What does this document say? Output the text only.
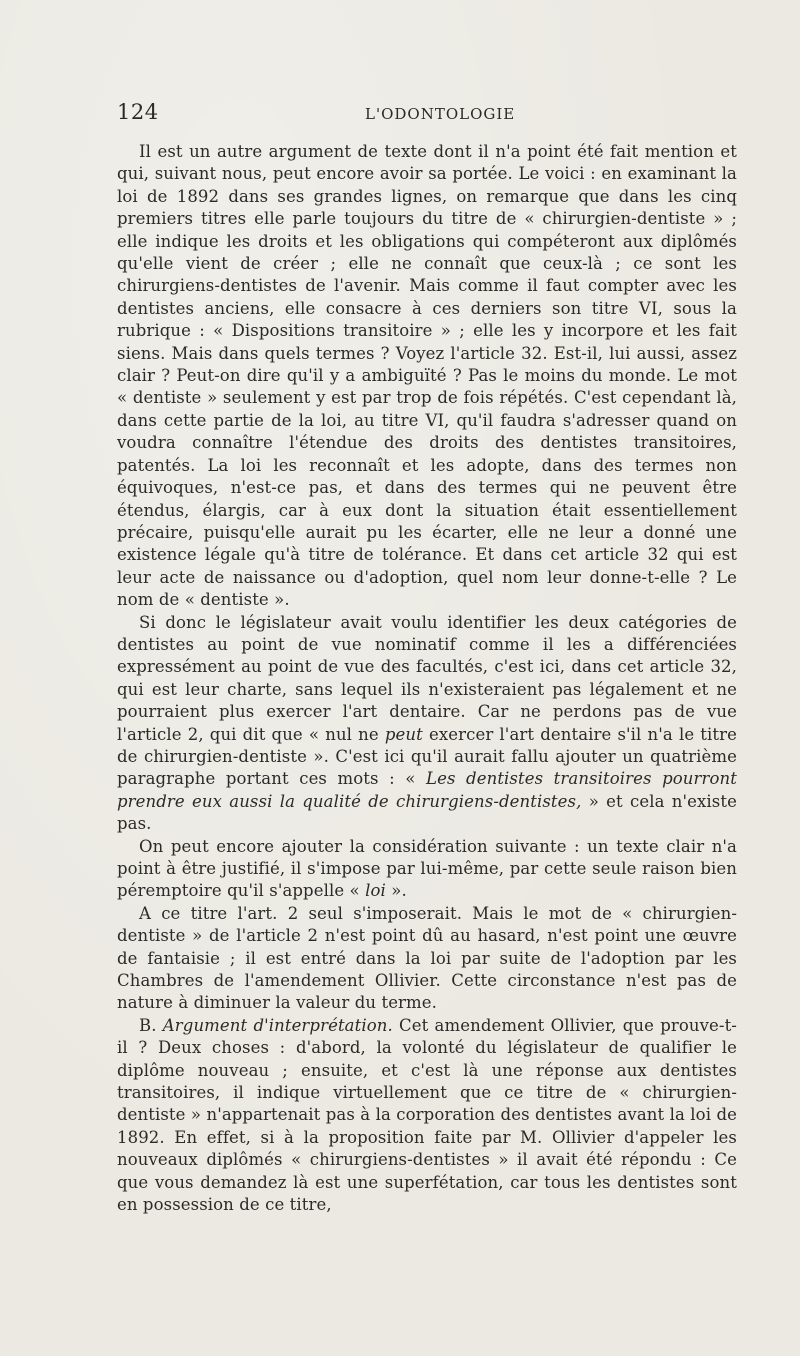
124	L'ODONTOLOGIE

Il est un autre argument de texte dont il n'a point été fait mention et qui, suivant nous, peut encore avoir sa portée. Le voici : en examinant la loi de 1892 dans ses grandes lignes, on remarque que dans les cinq premiers titres elle parle toujours du titre de « chirurgien-dentiste » ; elle indique les droits et les obligations qui compéteront aux diplômés qu'elle vient de créer ; elle ne connaît que ceux-là ; ce sont les chirurgiens-dentistes de l'avenir. Mais comme il faut compter avec les dentistes anciens, elle consacre à ces derniers son titre VI, sous la rubrique : « Dispositions transitoire » ; elle les y incorpore et les fait siens. Mais dans quels termes ? Voyez l'article 32. Est-il, lui aussi, assez clair ? Peut-on dire qu'il y a ambiguïté ? Pas le moins du monde. Le mot « dentiste » seulement y est par trop de fois répétés. C'est cependant là, dans cette partie de la loi, au titre VI, qu'il faudra s'adresser quand on voudra connaître l'étendue des droits des dentistes transitoires, patentés. La loi les reconnaît et les adopte, dans des termes non équivoques, n'est-ce pas, et dans des termes qui ne peuvent être étendus, élargis, car à eux dont la situation était essentiellement précaire, puisqu'elle aurait pu les écarter, elle ne leur a donné une existence légale qu'à titre de tolérance. Et dans cet article 32 qui est leur acte de naissance ou d'adoption, quel nom leur donne-t-elle ? Le nom de « dentiste ».

Si donc le législateur avait voulu identifier les deux catégories de dentistes au point de vue nominatif comme il les a différenciées expressément au point de vue des facultés, c'est ici, dans cet article 32, qui est leur charte, sans lequel ils n'existeraient pas légalement et ne pourraient plus exercer l'art dentaire. Car ne perdons pas de vue l'article 2, qui dit que « nul ne peut exercer l'art dentaire s'il n'a le titre de chirurgien-dentiste ». C'est ici qu'il aurait fallu ajouter un quatrième paragraphe portant ces mots : « Les dentistes transitoires pourront prendre eux aussi la qualité de chirurgiens-dentistes, » et cela n'existe pas.

On peut encore ajouter la considération suivante : un texte clair n'a point à être justifié, il s'impose par lui-même, par cette seule raison bien péremptoire qu'il s'appelle « loi ».

A ce titre l'art. 2 seul s'imposerait. Mais le mot de « chirurgien-dentiste » de l'article 2 n'est point dû au hasard, n'est point une œuvre de fantaisie ; il est entré dans la loi par suite de l'adoption par les Chambres de l'amendement Ollivier. Cette circonstance n'est pas de nature à diminuer la valeur du terme.

B. Argument d'interprétation. Cet amendement Ollivier, que prouve-t-il ? Deux choses : d'abord, la volonté du législateur de qualifier le diplôme nouveau ; ensuite, et c'est là une réponse aux dentistes transitoires, il indique virtuellement que ce titre de « chirurgien-dentiste » n'appartenait pas à la corporation des dentistes avant la loi de 1892. En effet, si à la proposition faite par M. Ollivier d'appeler les nouveaux diplômés « chirurgiens-dentistes » il avait été répondu : Ce que vous demandez là est une superfétation, car tous les dentistes sont en possession de ce titre,
